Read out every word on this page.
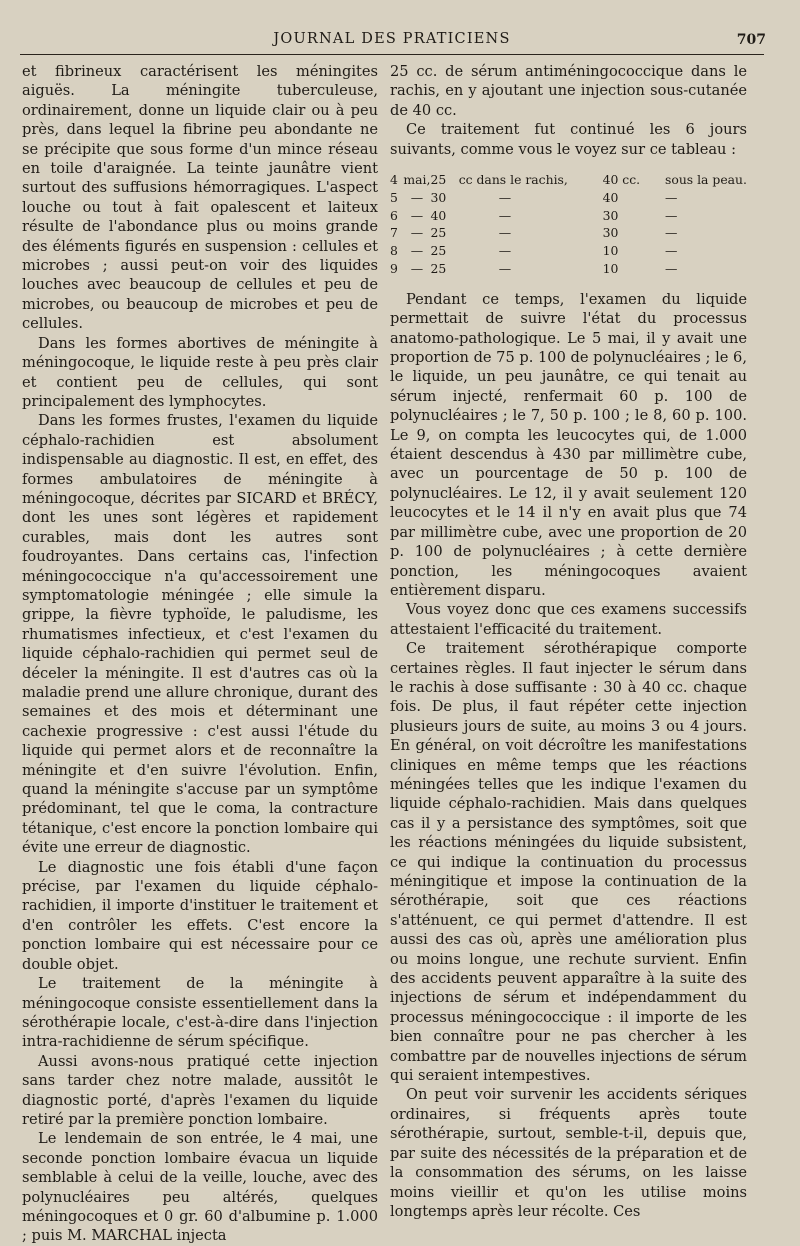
JOURNAL DES PRATICIENS	707

et fibrineux caractérisent les méningites aiguës. La méningite tuberculeuse, ordinairement, donne un liquide clair ou à peu près, dans lequel la fibrine peu abondante ne se précipite que sous forme d'un mince réseau en toile d'araignée. La teinte jaunâtre vient surtout des suffusions hémorragiques. L'aspect louche ou tout à fait opalescent et laiteux résulte de l'abondance plus ou moins grande des éléments figurés en suspension : cellules et microbes ; aussi peut-on voir des liquides louches avec beaucoup de cellules et peu de microbes, ou beaucoup de microbes et peu de cellules.

Dans les formes abortives de méningite à méningocoque, le liquide reste à peu près clair et contient peu de cellules, qui sont principalement des lymphocytes.

Dans les formes frustes, l'examen du liquide céphalo-rachidien est absolument indispensable au diagnostic. Il est, en effet, des formes ambulatoires de méningite à méningocoque, décrites par SICARD et BRÉCY, dont les unes sont légères et rapidement curables, mais dont les autres sont foudroyantes. Dans certains cas, l'infection méningococcique n'a qu'accessoirement une symptomatologie méningée ; elle simule la grippe, la fièvre typhoïde, le paludisme, les rhumatismes infectieux, et c'est l'examen du liquide céphalo-rachidien qui permet seul de déceler la méningite. Il est d'autres cas où la maladie prend une allure chronique, durant des semaines et des mois et déterminant une cachexie progressive : c'est aussi l'étude du liquide qui permet alors et de reconnaître la méningite et d'en suivre l'évolution. Enfin, quand la méningite s'accuse par un symptôme prédominant, tel que le coma, la contracture tétanique, c'est encore la ponction lombaire qui évite une erreur de diagnostic.

Le diagnostic une fois établi d'une façon précise, par l'examen du liquide céphalo-rachidien, il importe d'instituer le traitement et d'en contrôler les effets. C'est encore la ponction lombaire qui est nécessaire pour ce double objet.

Le traitement de la méningite à méningocoque consiste essentiellement dans la sérothérapie locale, c'est-à-dire dans l'injection intra-rachidienne de sérum spécifique.

Aussi avons-nous pratiqué cette injection sans tarder chez notre malade, aussitôt le diagnostic porté, d'après l'examen du liquide retiré par la première ponction lombaire.

Le lendemain de son entrée, le 4 mai, une seconde ponction lombaire évacua un liquide semblable à celui de la veille, louche, avec des polynucléaires peu altérés, quelques méningocoques et 0 gr. 60 d'albumine p. 1.000 ; puis M. MARCHAL injecta

25 cc. de sérum antiméningococcique dans le rachis, en y ajoutant une injection sous-cutanée de 40 cc.

Ce traitement fut continué les 6 jours suivants, comme vous le voyez sur ce tableau :

4	mai,	25	cc dans le rachis,	40 cc.	sous la peau.
5	—	30	—	40	—
6	—	40	—	30	—
7	—	25	—	30	—
8	—	25	—	10	—
9	—	25	—	10	—

Pendant ce temps, l'examen du liquide permettait de suivre l'état du processus anatomo-pathologique. Le 5 mai, il y avait une proportion de 75 p. 100 de polynucléaires ; le 6, le liquide, un peu jaunâtre, ce qui tenait au sérum injecté, renfermait 60 p. 100 de polynucléaires ; le 7, 50 p. 100 ; le 8, 60 p. 100. Le 9, on compta les leucocytes qui, de 1.000 étaient descendus à 430 par millimètre cube, avec un pourcentage de 50 p. 100 de polynucléaires. Le 12, il y avait seulement 120 leucocytes et le 14 il n'y en avait plus que 74 par millimètre cube, avec une proportion de 20 p. 100 de polynucléaires ; à cette dernière ponction, les méningocoques avaient entièrement disparu.

Vous voyez donc que ces examens successifs attestaient l'efficacité du traitement.

Ce traitement sérothérapique comporte certaines règles. Il faut injecter le sérum dans le rachis à dose suffisante : 30 à 40 cc. chaque fois. De plus, il faut répéter cette injection plusieurs jours de suite, au moins 3 ou 4 jours. En général, on voit décroître les manifestations cliniques en même temps que les réactions méningées telles que les indique l'examen du liquide céphalo-rachidien. Mais dans quelques cas il y a persistance des symptômes, soit que les réactions méningées du liquide subsistent, ce qui indique la continuation du processus méningitique et impose la continuation de la sérothérapie, soit que ces réactions s'atténuent, ce qui permet d'attendre. Il est aussi des cas où, après une amélioration plus ou moins longue, une rechute survient. Enfin des accidents peuvent apparaître à la suite des injections de sérum et indépendamment du processus méningococcique : il importe de les bien connaître pour ne pas chercher à les combattre par de nouvelles injections de sérum qui seraient intempestives.

On peut voir survenir les accidents sériques ordinaires, si fréquents après toute sérothérapie, surtout, semble-t-il, depuis que, par suite des nécessités de la préparation et de la consommation des sérums, on les laisse moins vieillir et qu'on les utilise moins longtemps après leur récolte. Ces
